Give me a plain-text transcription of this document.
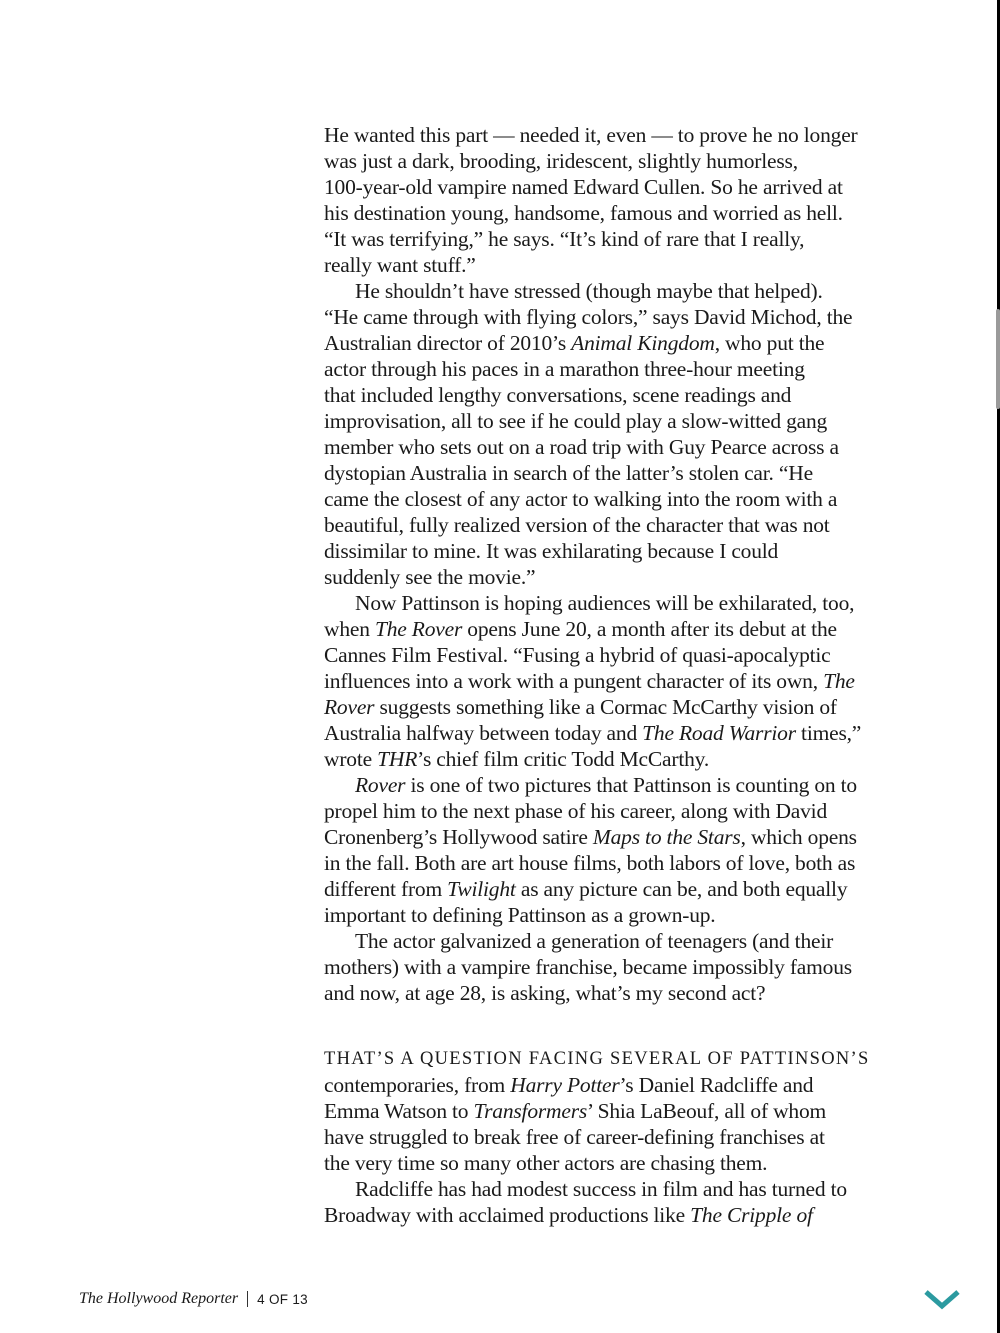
He wanted this part — needed it, even — to prove he no longer
was just a dark, brooding, iridescent, slightly humorless,
100-year-old vampire named Edward Cullen. So he arrived at
his destination young, handsome, famous and worried as hell.
“It was terrifying,” he says. “It’s kind of rare that I really,
really want stuff.”

He shouldn’t have stressed (though maybe that helped).
“He came through with flying colors,” says David Michod, the
Australian director of 2010’s Animal Kingdom, who put the
actor through his paces in a marathon three-hour meeting
that included lengthy conversations, scene readings and
improvisation, all to see if he could play a slow-witted gang
member who sets out on a road trip with Guy Pearce across a
dystopian Australia in search of the latter’s stolen car. “He
came the closest of any actor to walking into the room with a
beautiful, fully realized version of the character that was not
dissimilar to mine. It was exhilarating because I could
suddenly see the movie.”

Now Pattinson is hoping audiences will be exhilarated, too,
when The Rover opens June 20, a month after its debut at the
Cannes Film Festival. “Fusing a hybrid of quasi-apocalyptic
influences into a work with a pungent character of its own, The
Rover suggests something like a Cormac McCarthy vision of
Australia halfway between today and The Road Warrior times,”
wrote THR’s chief film critic Todd McCarthy.

Rover is one of two pictures that Pattinson is counting on to
propel him to the next phase of his career, along with David
Cronenberg’s Hollywood satire Maps to the Stars, which opens
in the fall. Both are art house films, both labors of love, both as
different from Twilight as any picture can be, and both equally
important to defining Pattinson as a grown-up.

The actor galvanized a generation of teenagers (and their
mothers) with a vampire franchise, became impossibly famous
and now, at age 28, is asking, what’s my second act?

THAT’S A QUESTION FACING SEVERAL OF PATTINSON’S
contemporaries, from Harry Potter’s Daniel Radcliffe and
Emma Watson to Transformers’ Shia LaBeouf, all of whom
have struggled to break free of career-defining franchises at
the very time so many other actors are chasing them.

Radcliffe has had modest success in film and has turned to
Broadway with acclaimed productions like The Cripple of

The Hollywood Reporter 4 OF 13
